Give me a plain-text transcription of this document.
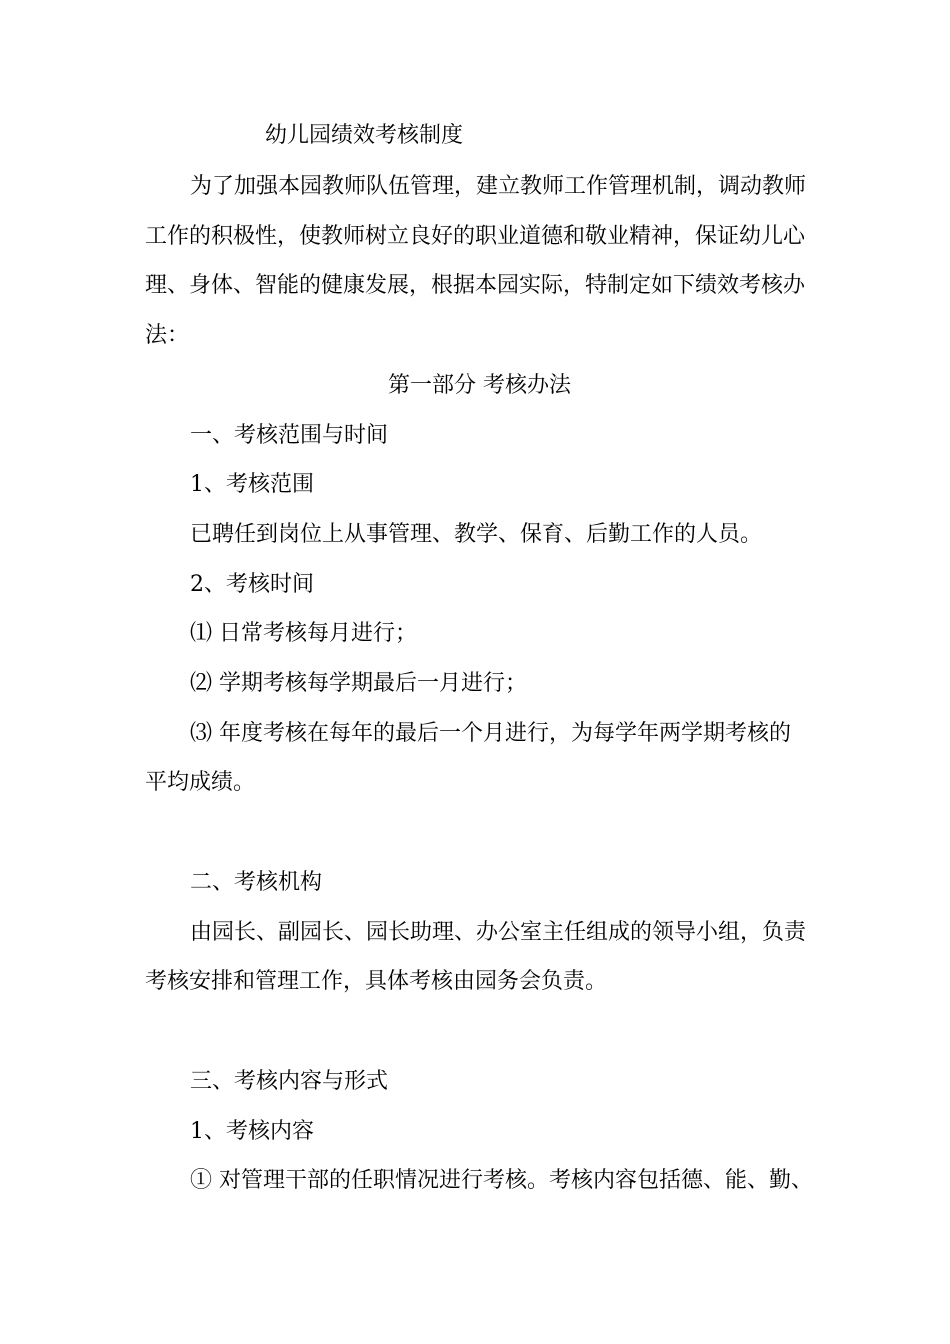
幼儿园绩效考核制度

为了加强本园教师队伍管理，建立教师工作管理机制，调动教师

工作的积极性，使教师树立良好的职业道德和敬业精神，保证幼儿心

理、身体、智能的健康发展，根据本园实际，特制定如下绩效考核办

法：

第一部分 考核办法

一、考核范围与时间

1、考核范围

已聘任到岗位上从事管理、教学、保育、后勤工作的人员。

2、考核时间

⑴ 日常考核每月进行；

⑵ 学期考核每学期最后一月进行；

⑶ 年度考核在每年的最后一个月进行，为每学年两学期考核的

平均成绩。

二、考核机构

由园长、副园长、园长助理、办公室主任组成的领导小组，负责

考核安排和管理工作，具体考核由园务会负责。

三、考核内容与形式

1、考核内容

① 对管理干部的任职情况进行考核。考核内容包括德、能、勤、
